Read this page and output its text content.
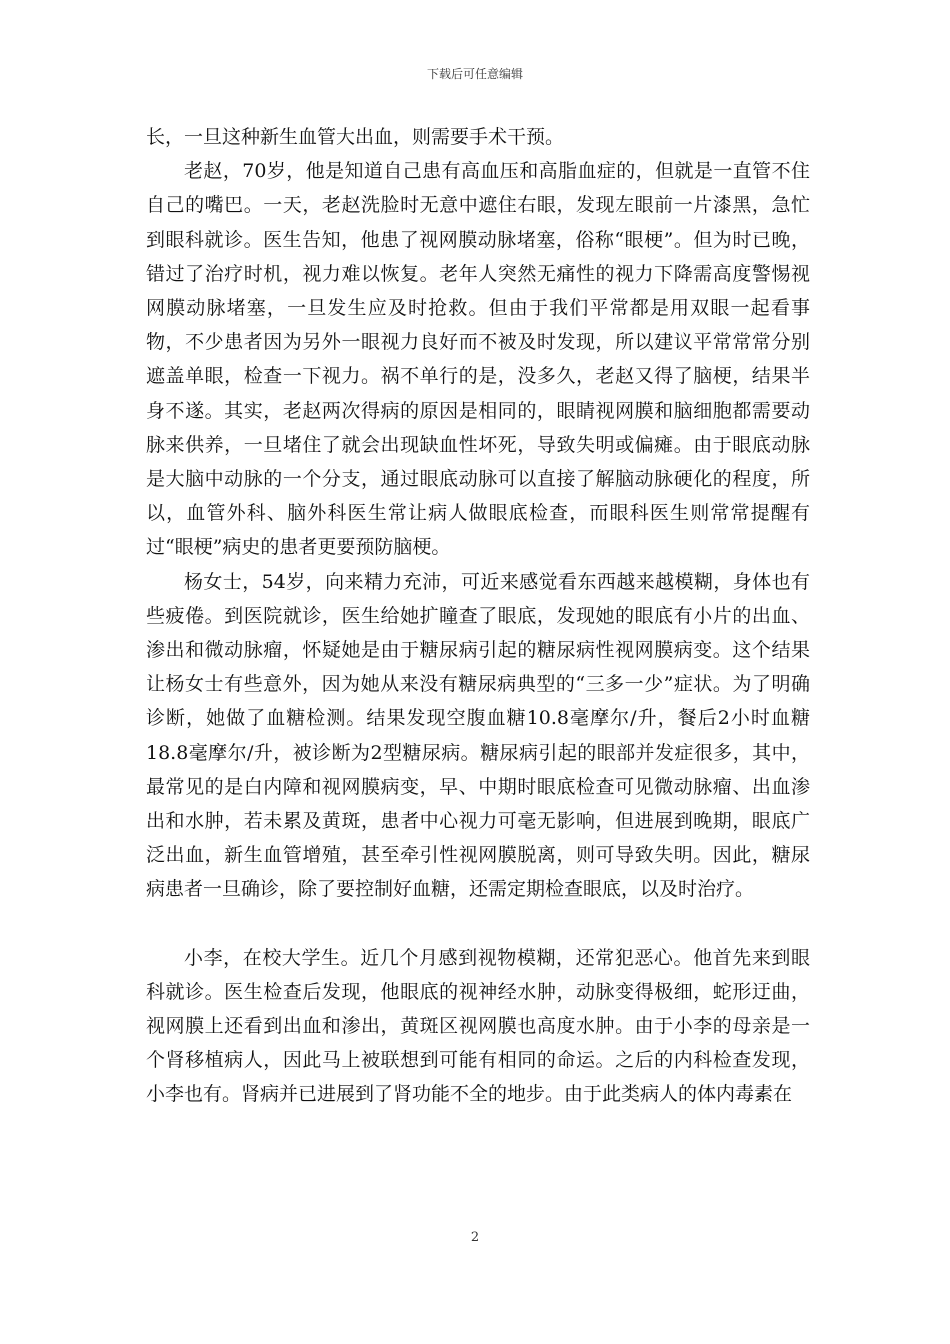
下载后可任意编辑

长，一旦这种新生血管大出血，则需要手术干预。

老赵，70岁，他是知道自己患有高血压和高脂血症的，但就是一直管不住自己的嘴巴。一天，老赵洗脸时无意中遮住右眼，发现左眼前一片漆黑，急忙到眼科就诊。医生告知，他患了视网膜动脉堵塞，俗称“眼梗”。但为时已晚，错过了治疗时机，视力难以恢复。老年人突然无痛性的视力下降需高度警惕视网膜动脉堵塞，一旦发生应及时抢救。但由于我们平常都是用双眼一起看事物，不少患者因为另外一眼视力良好而不被及时发现，所以建议平常常常分别遮盖单眼，检查一下视力。祸不单行的是，没多久，老赵又得了脑梗，结果半身不遂。其实，老赵两次得病的原因是相同的，眼睛视网膜和脑细胞都需要动脉来供养，一旦堵住了就会出现缺血性坏死，导致失明或偏瘫。由于眼底动脉是大脑中动脉的一个分支，通过眼底动脉可以直接了解脑动脉硬化的程度，所以，血管外科、脑外科医生常让病人做眼底检查，而眼科医生则常常提醒有过“眼梗”病史的患者更要预防脑梗。

杨女士，54岁，向来精力充沛，可近来感觉看东西越来越模糊，身体也有些疲倦。到医院就诊，医生给她扩瞳查了眼底，发现她的眼底有小片的出血、渗出和微动脉瘤，怀疑她是由于糖尿病引起的糖尿病性视网膜病变。这个结果让杨女士有些意外，因为她从来没有糖尿病典型的“三多一少”症状。为了明确诊断，她做了血糖检测。结果发现空腹血糖10.8毫摩尔/升，餐后2小时血糖18.8毫摩尔/升，被诊断为2型糖尿病。糖尿病引起的眼部并发症很多，其中，最常见的是白内障和视网膜病变，早、中期时眼底检查可见微动脉瘤、出血渗出和水肿，若未累及黄斑，患者中心视力可毫无影响，但进展到晚期，眼底广泛出血，新生血管增殖，甚至牵引性视网膜脱离，则可导致失明。因此，糖尿病患者一旦确诊，除了要控制好血糖，还需定期检查眼底，以及时治疗。

小李，在校大学生。近几个月感到视物模糊，还常犯恶心。他首先来到眼科就诊。医生检查后发现，他眼底的视神经水肿，动脉变得极细，蛇形迂曲，视网膜上还看到出血和渗出，黄斑区视网膜也高度水肿。由于小李的母亲是一个肾移植病人，因此马上被联想到可能有相同的命运。之后的内科检查发现，小李也有。肾病并已进展到了肾功能不全的地步。由于此类病人的体内毒素在

2
